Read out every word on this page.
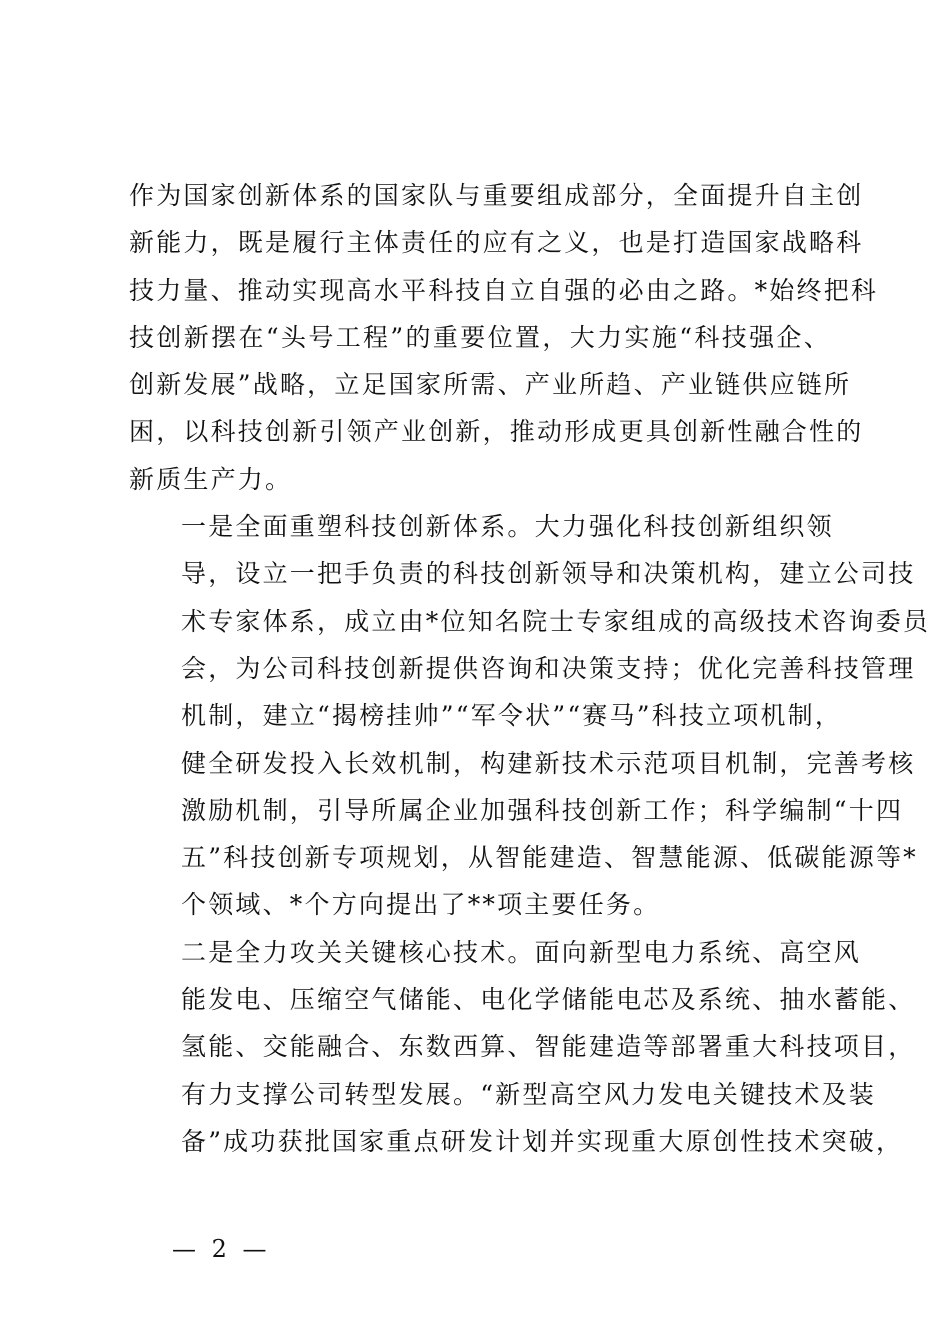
作为国家创新体系的国家队与重要组成部分，全面提升自主创
新能力，既是履行主体责任的应有之义，也是打造国家战略科
技力量、推动实现高水平科技自立自强的必由之路。*始终把科
技创新摆在“头号工程”的重要位置，大力实施“科技强企、
创新发展”战略，立足国家所需、产业所趋、产业链供应链所
困，以科技创新引领产业创新，推动形成更具创新性融合性的
新质生产力。

一是全面重塑科技创新体系。大力强化科技创新组织领
导，设立一把手负责的科技创新领导和决策机构，建立公司技
术专家体系，成立由*位知名院士专家组成的高级技术咨询委员
会，为公司科技创新提供咨询和决策支持；优化完善科技管理
机制，建立“揭榜挂帅”“军令状”“赛马”科技立项机制，
健全研发投入长效机制，构建新技术示范项目机制，完善考核
激励机制，引导所属企业加强科技创新工作；科学编制“十四
五”科技创新专项规划，从智能建造、智慧能源、低碳能源等*
个领域、*个方向提出了**项主要任务。

二是全力攻关关键核心技术。面向新型电力系统、高空风
能发电、压缩空气储能、电化学储能电芯及系统、抽水蓄能、
氢能、交能融合、东数西算、智能建造等部署重大科技项目，
有力支撑公司转型发展。“新型高空风力发电关键技术及装
备”成功获批国家重点研发计划并实现重大原创性技术突破，

— 2 —
